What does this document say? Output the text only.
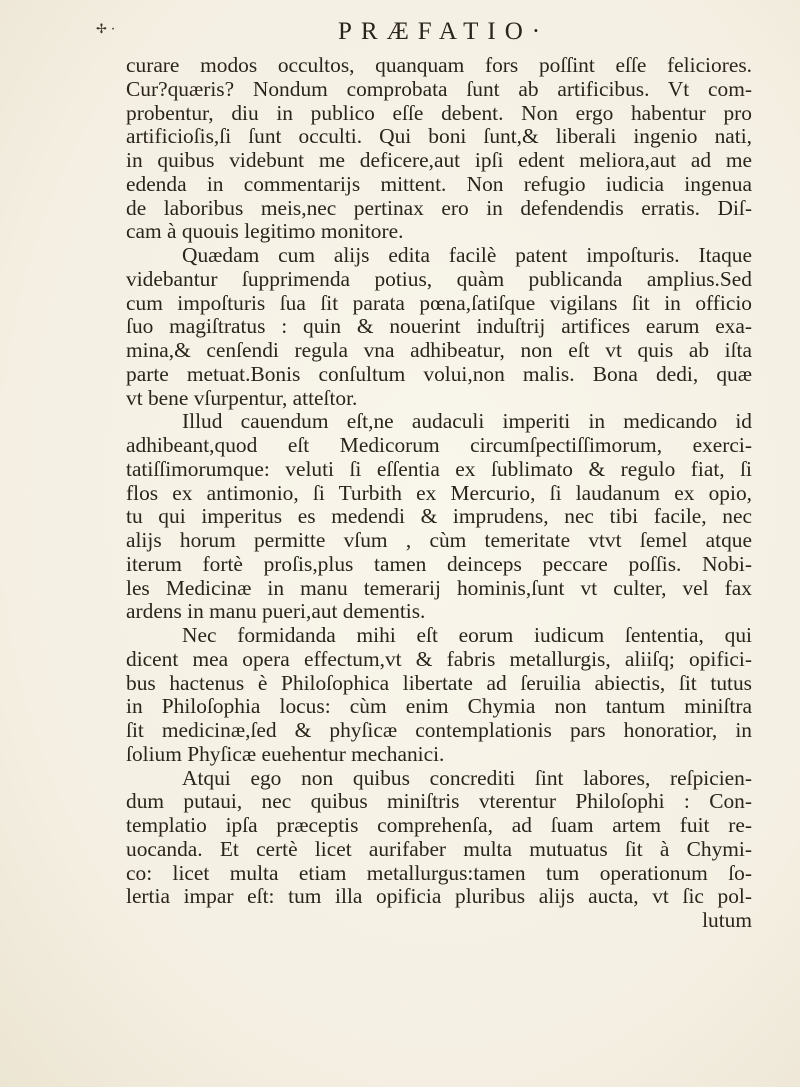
✢ ·	PRÆFATIO·
curare modos occultos, quanquam fors poſſint eſſe feliciores.
Cur?quæris? Nondum comprobata ſunt ab artificibus. Vt com-
probentur, diu in publico eſſe debent. Non ergo habentur pro
artificioſis,ſi ſunt occulti. Qui boni ſunt,& liberali ingenio nati,
in quibus videbunt me deficere,aut ipſi edent meliora,aut ad me
edenda in commentarijs mittent. Non refugio iudicia ingenua
de laboribus meis,nec pertinax ero in defendendis erratis. Diſ-
cam à quouis legitimo monitore.
Quædam cum alijs edita facilè patent impoſturis. Itaque
videbantur ſupprimenda potius, quàm publicanda amplius.Sed
cum impoſturis ſua ſit parata pœna,ſatiſque vigilans ſit in officio
ſuo magiſtratus : quin & nouerint induſtrij artifices earum exa-
mina,& cenſendi regula vna adhibeatur, non eſt vt quis ab iſta
parte metuat.Bonis conſultum volui,non malis. Bona dedi, quæ
vt bene vſurpentur, atteſtor.
Illud cauendum eſt,ne audaculi imperiti in medicando id
adhibeant,quod eſt Medicorum circumſpectiſſimorum, exerci-
tatiſſimorumque: veluti ſi eſſentia ex ſublimato & regulo fiat, ſi
flos ex antimonio, ſi Turbith ex Mercurio, ſi laudanum ex opio,
tu qui imperitus es medendi & imprudens, nec tibi facile, nec
alijs horum permitte vſum , cùm temeritate vtvt ſemel atque
iterum fortè proſis,plus tamen deinceps peccare poſſis. Nobi-
les Medicinæ in manu temerarij hominis,ſunt vt culter, vel fax
ardens in manu pueri,aut dementis.
Nec formidanda mihi eſt eorum iudicum ſententia, qui
dicent mea opera effectum,vt & fabris metallurgis, aliiſq; opifici-
bus hactenus è Philoſophica libertate ad ſeruilia abiectis, ſit tutus
in Philoſophia locus: cùm enim Chymia non tantum miniſtra
ſit medicinæ,ſed & phyſicæ contemplationis pars honoratior, in
ſolium Phyſicæ euehentur mechanici.
Atqui ego non quibus concrediti ſint labores, reſpicien-
dum putaui, nec quibus miniſtris vterentur Philoſophi : Con-
templatio ipſa præceptis comprehenſa, ad ſuam artem fuit re-
uocanda. Et certè licet aurifaber multa mutuatus ſit à Chymi-
co: licet multa etiam metallurgus:tamen tum operationum ſo-
lertia impar eſt: tum illa opificia pluribus alijs aucta, vt ſic pol-
lutum
